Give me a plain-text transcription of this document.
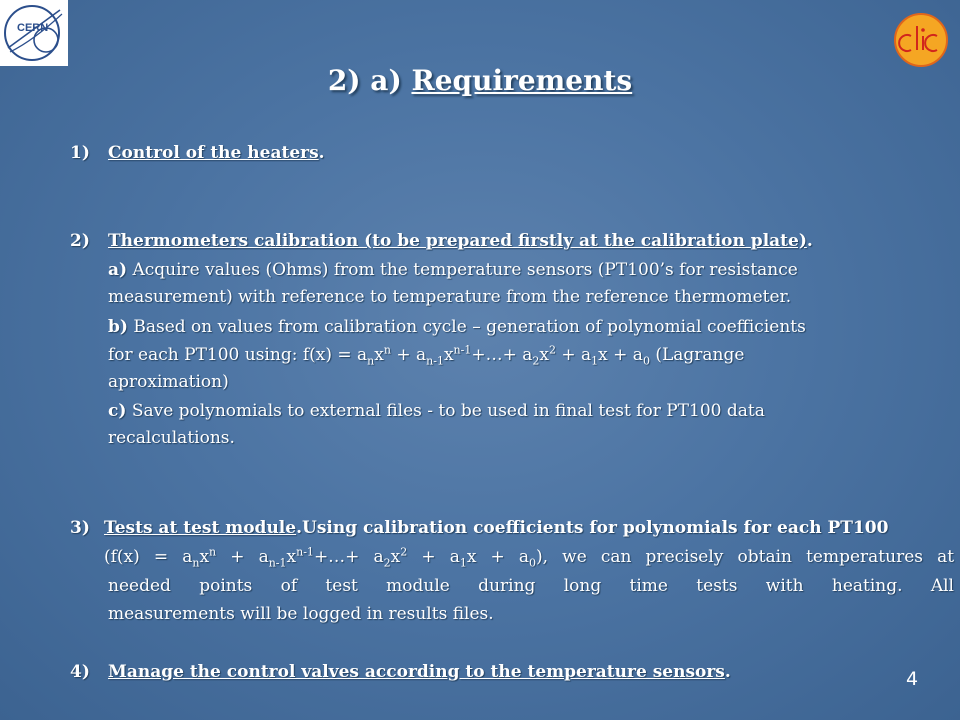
CERN
2) a) Requirements
1) Control of the heaters.
2) Thermometers calibration (to be prepared firstly at the calibration plate).
a) Acquire values (Ohms) from the temperature sensors (PT100’s for resistance
measurement) with reference to temperature from the reference thermometer.
b) Based on values from calibration cycle – generation of polynomial coefficients
for each PT100 using: $f(x) = a_nx^n$ + $a_{n-1}x^{n-1}+\dots+ a_2x^2 + a_1x + a_0$ (Lagrange
aproximation)
c) Save polynomials to external files - to be used in final test for PT100 data
recalculations.
3) Tests at test module.Using calibration coefficients for polynomials for each PT100
($f(x) = a_nx^n$ + $a_{n-1}x^{n-1}+\dots+ a_2x^2 + a_1x + a_0$), we can precisely obtain temperatures at
needed points of test module during long time tests with heating. All
measurements will be logged in results files.
4) Manage the control valves according to the temperature sensors.	4
